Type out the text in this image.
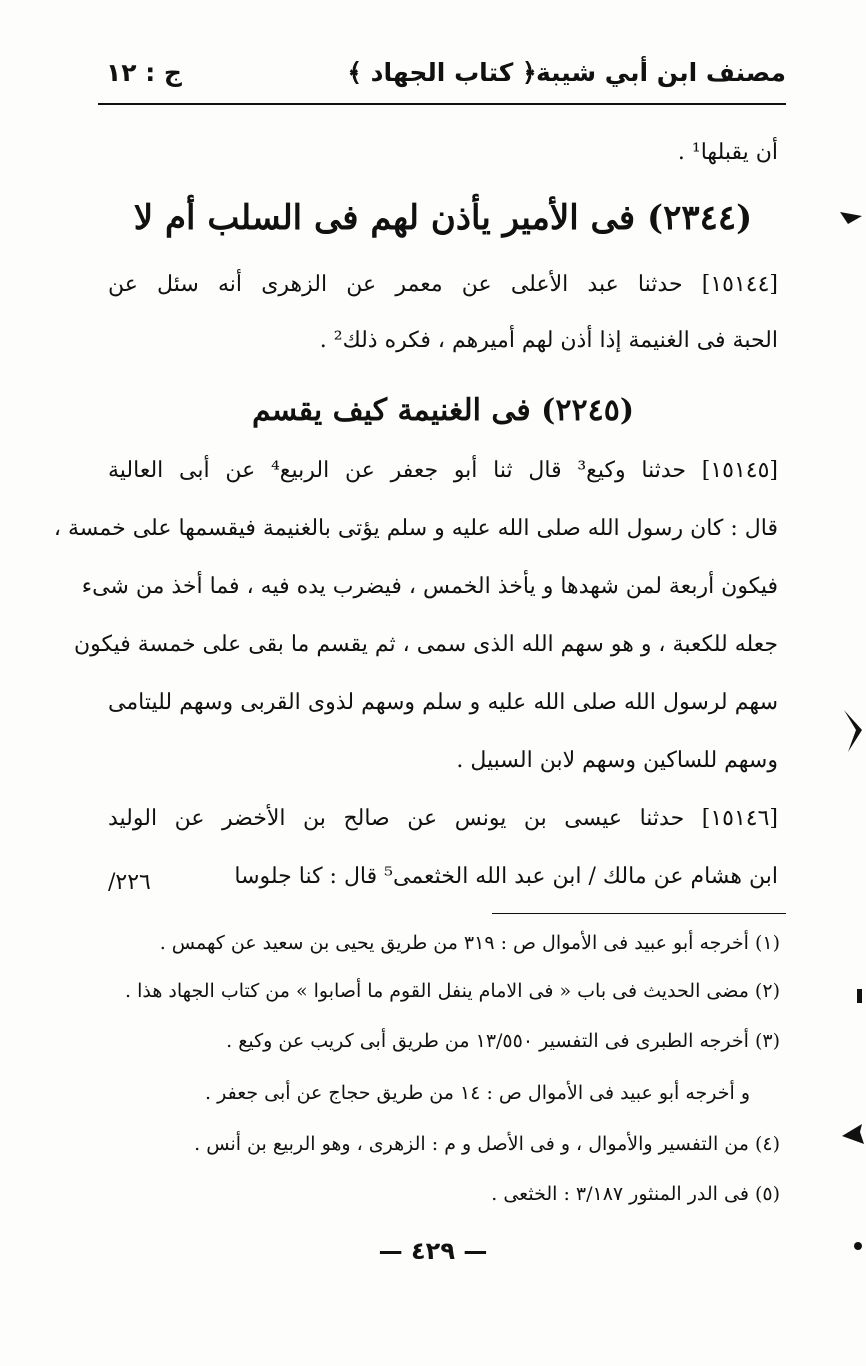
مصنف ابن أبي شيبة
﴿ كتاب الجهاد ﴾
ج : ١٢
أن يقبلها¹ .
(٢٣٤٤) فى الأمير يأذن لهم فى السلب أم لا
[١٥١٤٤] حدثنا عبد الأعلى عن معمر عن الزهرى أنه سئل عن
الحبة فى الغنيمة إذا أذن لهم أميرهم ، فكره ذلك² .
(٢٢٤٥) فى الغنيمة كيف يقسم
[١٥١٤٥] حدثنا وكيع³ قال ثنا أبو جعفر عن الربيع⁴ عن أبى العالية
قال : كان رسول الله صلى الله عليه و سلم يؤتى بالغنيمة فيقسمها على خمسة ،
فيكون أربعة لمن شهدها و يأخذ الخمس ، فيضرب يده فيه ، فما أخذ من شىء
جعله للكعبة ، و هو سهم الله الذى سمى ، ثم يقسم ما بقى على خمسة فيكون
سهم لرسول الله صلى الله عليه و سلم وسهم لذوى القربى وسهم لليتامى
وسهم للساكين وسهم لابن السبيل .
[١٥١٤٦] حدثنا عيسى بن يونس عن صالح بن الأخضر عن الوليد
ابن هشام عن مالك / ابن عبد الله الخثعمى⁵ قال : كنا جلوسا
٢٢٦/
(١) أخرجه أبو عبيد فى الأموال ص : ٣١٩ من طريق يحيى بن سعيد عن كهمس .
(٢) مضى الحديث فى باب « فى الامام ينفل القوم ما أصابوا » من كتاب الجهاد هذا .
(٣) أخرجه الطبرى فى التفسير ١٣/٥٥٠ من طريق أبى كريب عن وكيع .
و أخرجه أبو عبيد فى الأموال ص : ١٤ من طريق حجاج عن أبى جعفر .
(٤) من التفسير والأموال ، و فى الأصل و م : الزهرى ، وهو الربيع بن أنس .
(٥) فى الدر المنثور ٣/١٨٧ : الخثعى .
— ٤٢٩ —
